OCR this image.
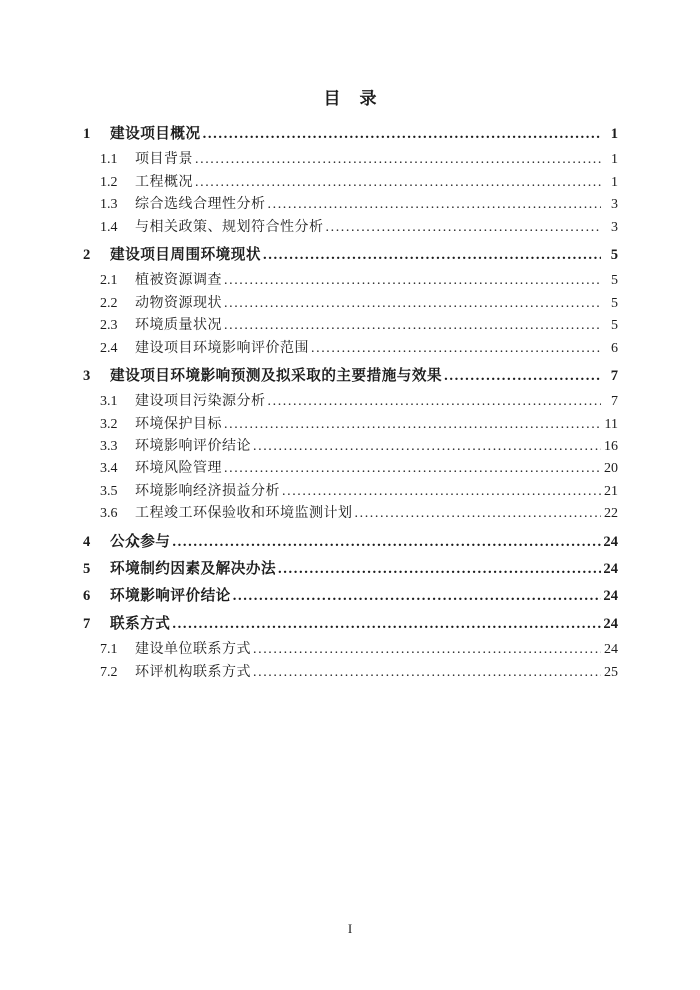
目　录
1	建设项目概况 .....	1
1.1	项目背景 .....	1
1.2	工程概况 .....	1
1.3	综合选线合理性分析 .....	3
1.4	与相关政策、规划符合性分析 .....	3
2	建设项目周围环境现状 .....	5
2.1	植被资源调查 .....	5
2.2	动物资源现状 .....	5
2.3	环境质量状况 .....	5
2.4	建设项目环境影响评价范围 .....	6
3	建设项目环境影响预测及拟采取的主要措施与效果 .....	7
3.1	建设项目污染源分析 .....	7
3.2	环境保护目标 .....	11
3.3	环境影响评价结论 .....	16
3.4	环境风险管理 .....	20
3.5	环境影响经济损益分析 .....	21
3.6	工程竣工环保验收和环境监测计划 .....	22
4	公众参与 .....	24
5	环境制约因素及解决办法 .....	24
6	环境影响评价结论 .....	24
7	联系方式 .....	24
7.1	建设单位联系方式 .....	24
7.2	环评机构联系方式 .....	25
I
